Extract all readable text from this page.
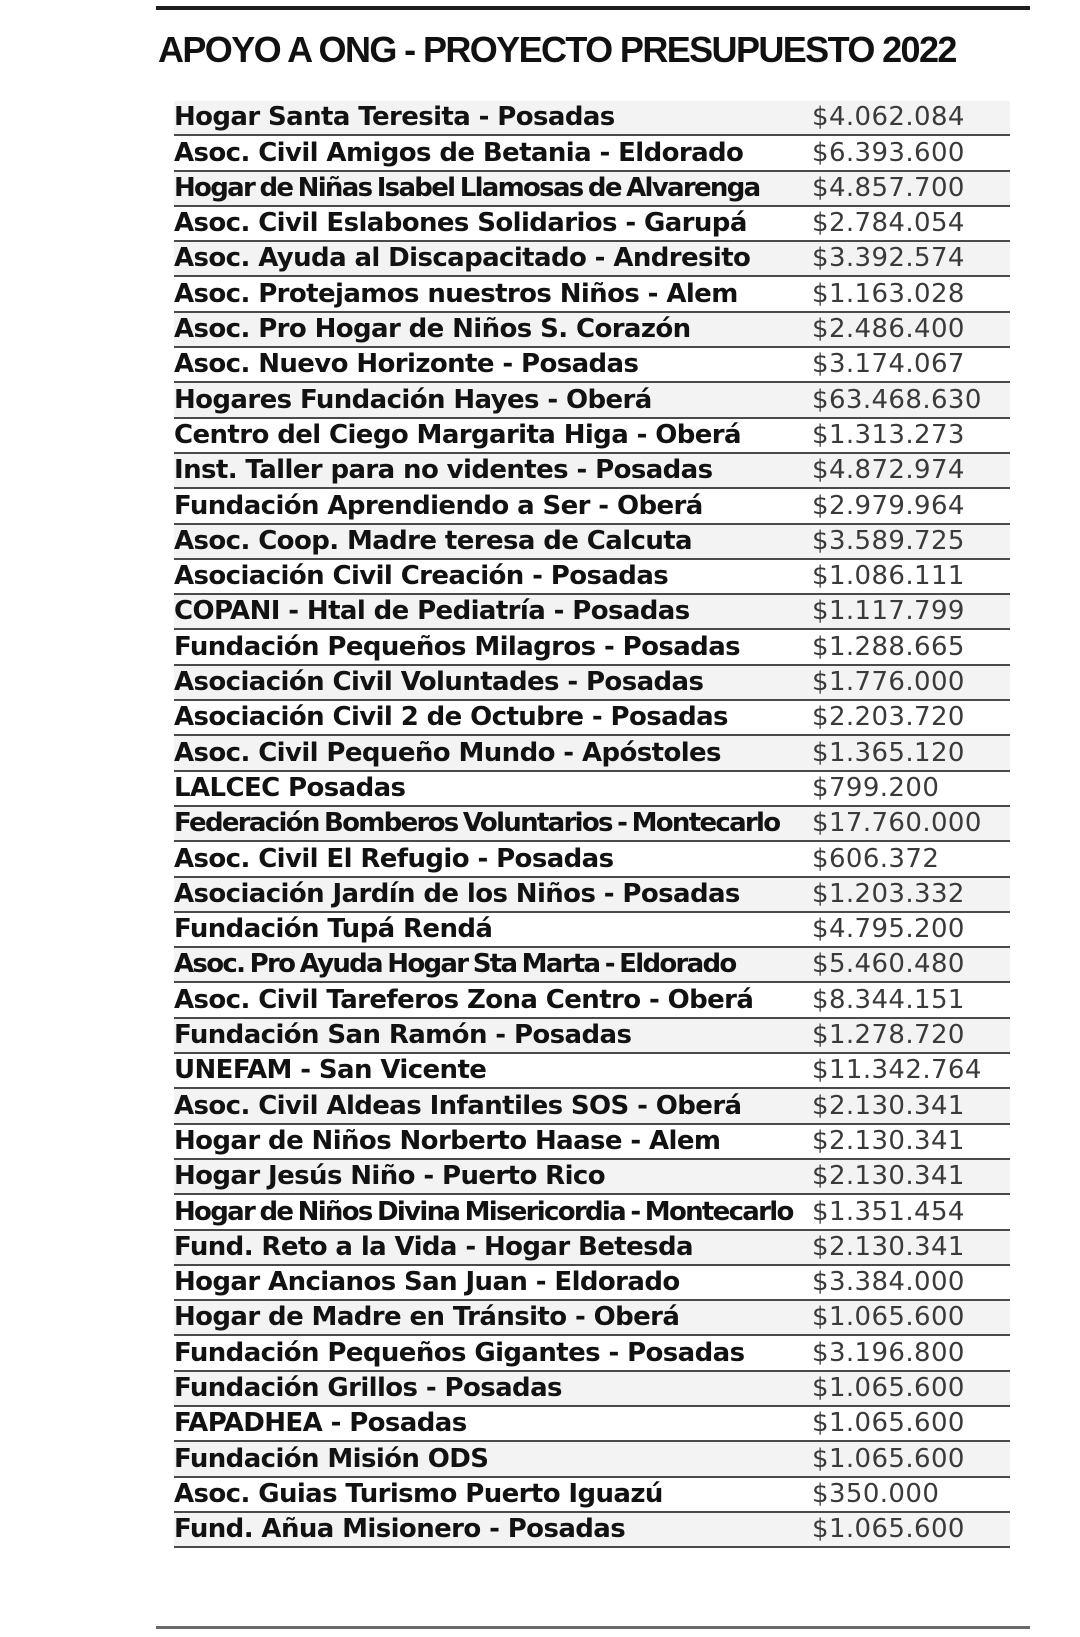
APOYO A ONG - PROYECTO PRESUPUESTO 2022
Hogar Santa Teresita - Posadas	$4.062.084
Asoc. Civil Amigos de Betania - Eldorado	$6.393.600
Hogar de Niñas Isabel Llamosas de Alvarenga	$4.857.700
Asoc. Civil Eslabones Solidarios - Garupá	$2.784.054
Asoc. Ayuda al Discapacitado - Andresito	$3.392.574
Asoc. Protejamos nuestros Niños - Alem	$1.163.028
Asoc. Pro Hogar de Niños S. Corazón	$2.486.400
Asoc. Nuevo Horizonte - Posadas	$3.174.067
Hogares Fundación Hayes - Oberá	$63.468.630
Centro del Ciego Margarita Higa - Oberá	$1.313.273
Inst. Taller para no videntes - Posadas	$4.872.974
Fundación Aprendiendo a Ser - Oberá	$2.979.964
Asoc. Coop. Madre teresa de Calcuta	$3.589.725
Asociación Civil Creación - Posadas	$1.086.111
COPANI - Htal de Pediatría - Posadas	$1.117.799
Fundación Pequeños Milagros - Posadas	$1.288.665
Asociación Civil Voluntades - Posadas	$1.776.000
Asociación Civil 2 de Octubre - Posadas	$2.203.720
Asoc. Civil Pequeño Mundo - Apóstoles	$1.365.120
LALCEC Posadas	$799.200
Federación Bomberos Voluntarios - Montecarlo	$17.760.000
Asoc. Civil El Refugio - Posadas	$606.372
Asociación Jardín de los Niños - Posadas	$1.203.332
Fundación Tupá Rendá	$4.795.200
Asoc. Pro Ayuda Hogar Sta Marta - Eldorado	$5.460.480
Asoc. Civil Tareferos Zona Centro - Oberá	$8.344.151
Fundación San Ramón - Posadas	$1.278.720
UNEFAM - San Vicente	$11.342.764
Asoc. Civil Aldeas Infantiles SOS - Oberá	$2.130.341
Hogar de Niños Norberto Haase - Alem	$2.130.341
Hogar Jesús Niño - Puerto Rico	$2.130.341
Hogar de Niños Divina Misericordia - Montecarlo $1.351.454
Fund. Reto a la Vida - Hogar Betesda	$2.130.341
Hogar Ancianos San Juan - Eldorado	$3.384.000
Hogar de Madre en Tránsito - Oberá	$1.065.600
Fundación Pequeños Gigantes - Posadas	$3.196.800
Fundación Grillos - Posadas	$1.065.600
FAPADHEA - Posadas	$1.065.600
Fundación Misión ODS	$1.065.600
Asoc. Guias Turismo Puerto Iguazú	$350.000
Fund. Añua Misionero - Posadas	$1.065.600
